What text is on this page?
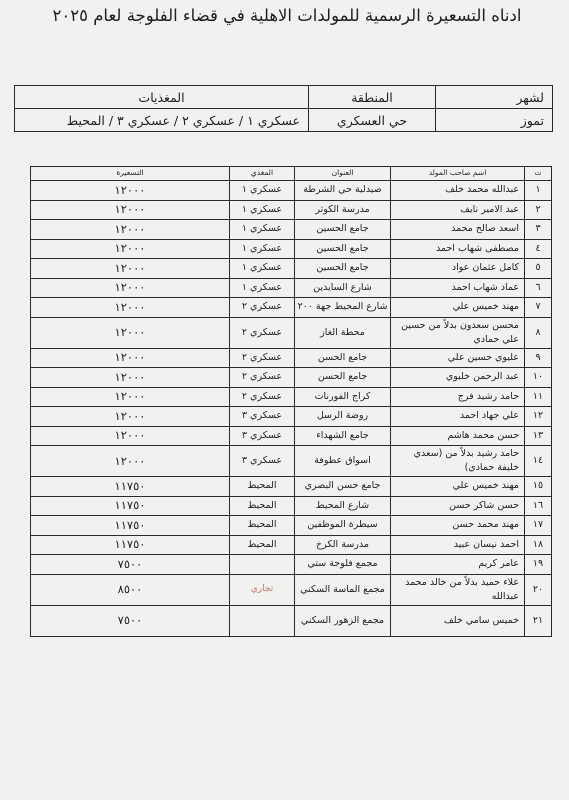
ادناه التسعيرة الرسمية للمولدات الاهلية في قضاء الفلوجة لعام ٢٠٢٥
لشهر	المنطقة	المغذيات
تموز	حي العسكري	عسكري ١ / عسكري ٢ / عسكري ٣ / المحيط
ت	اسم صاحب المولد	العنوان	المغذي	التسعيرة
١	عبدالله محمد خلف	صيدلية حي الشرطة	عسكري ١	١٢٠٠٠
٢	عبد الامير نايف	مدرسة الكوثر	عسكري ١	١٢٠٠٠
٣	اسعد صالح محمد	جامع الحسين	عسكري ١	١٢٠٠٠
٤	مصطفى شهاب احمد	جامع الحسين	عسكري ١	١٢٠٠٠
٥	كامل عثمان عواد	جامع الحسين	عسكري ١	١٢٠٠٠
٦	عماد شهاب احمد	شارع السايدين	عسكري ١	١٢٠٠٠
٧	مهند خميس علي	شارع المحيط جهة ٢٠٠	عسكري ٢	١٢٠٠٠
٨	محسن سعدون بدلاً من حسين علي حمادي	محطة الغاز	عسكري ٢	١٢٠٠٠
٩	عليوي حسين علي	جامع الحسن	عسكري ٢	١٢٠٠٠
١٠	عبد الرحمن خلبوي	جامع الحسن	عسكري ٢	١٢٠٠٠
١١	حامد رشيد فرج	كراج الفورنات	عسكري ٢	١٢٠٠٠
١٢	علي جهاد احمد	روضة الرسل	عسكري ٣	١٢٠٠٠
١٣	حسن محمد هاشم	جامع الشهداء	عسكري ٣	١٢٠٠٠
١٤	حامد رشيد بدلاً من (سعدي خليفة حمادي)	اسواق عطوفة	عسكري ٣	١٢٠٠٠
١٥	مهند خميس علي	جامع حسن البصري	المحيط	١١٧٥٠
١٦	حسن شاكر حسن	شارع المحيط	المحيط	١١٧٥٠
١٧	مهند محمد حسن	سيطرة الموظفين	المحيط	١١٧٥٠
١٨	احمد نيسان عبيد	مدرسة الكرخ	المحيط	١١٧٥٠
١٩	عامر كريم	مجمع فلوجة ستي		٧٥٠٠
٢٠	علاء حميد بدلاً من خالد محمد عبدالله	مجمع الماسة السكني	تجاري	٨٥٠٠
٢١	خميس سامي خلف	مجمع الزهور السكني		٧٥٠٠
